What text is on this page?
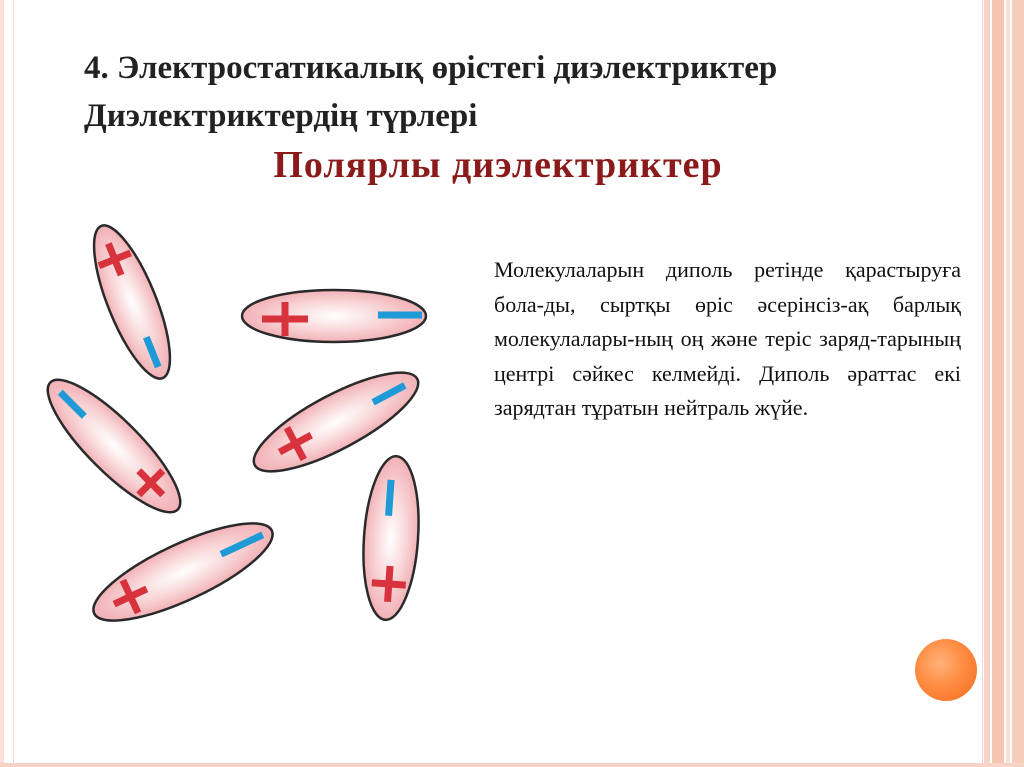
4. Электростатикалық өрістегі диэлектриктер Диэлектриктердің түрлері
Полярлы диэлектриктер

Молекулаларын диполь ретінде қарастыруға бола-ды, сыртқы өріс әсерінсіз-ақ барлық молекулалары-ның оң және теріс заряд-тарының центрі сәйкес келмейді. Диполь әраттас екі зарядтан тұратын нейтраль жүйе.
